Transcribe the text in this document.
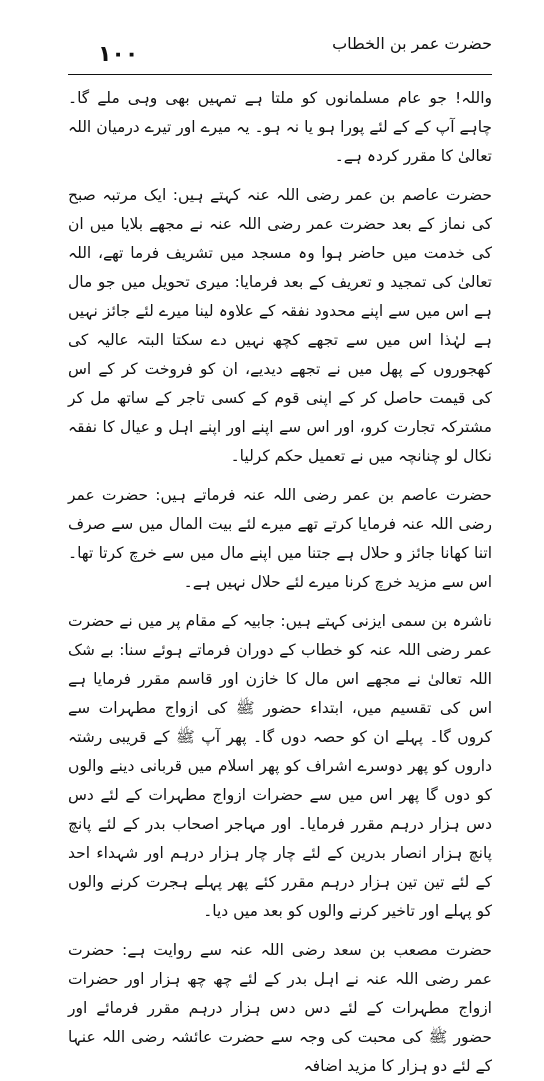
۱۰۰	حضرت عمر بن الخطاب

واللہ! جو عام مسلمانوں کو ملتا ہے تمہیں بھی وہی ملے گا۔ چاہے آپ کے کے لئے پورا ہو یا نہ ہو۔ یہ میرے اور تیرے درمیان اللہ تعالیٰ کا مقرر کردہ ہے۔

حضرت عاصم بن عمر رضی اللہ عنہ کہتے ہیں: ایک مرتبہ صبح کی نماز کے بعد حضرت عمر رضی اللہ عنہ نے مجھے بلایا میں ان کی خدمت میں حاضر ہوا وہ مسجد میں تشریف فرما تھے، اللہ تعالیٰ کی تمجید و تعریف کے بعد فرمایا: میری تحویل میں جو مال ہے اس میں سے اپنے محدود نفقہ کے علاوہ لینا میرے لئے جائز نہیں ہے لہٰذا اس میں سے تجھے کچھ نہیں دے سکتا البتہ عالیہ کی کھجوروں کے پھل میں نے تجھے دیدیے، ان کو فروخت کر کے اس کی قیمت حاصل کر کے اپنی قوم کے کسی تاجر کے ساتھ مل کر مشترکہ تجارت کرو، اور اس سے اپنے اور اپنے اہل و عیال کا نفقہ نکال لو چنانچہ میں نے تعمیل حکم کرلیا۔

حضرت عاصم بن عمر رضی اللہ عنہ فرماتے ہیں: حضرت عمر رضی اللہ عنہ فرمایا کرتے تھے میرے لئے بیت المال میں سے صرف اتنا کھانا جائز و حلال ہے جتنا میں اپنے مال میں سے خرچ کرتا تھا۔ اس سے مزید خرچ کرنا میرے لئے حلال نہیں ہے۔

ناشرہ بن سمی ایزنی کہتے ہیں: جابیہ کے مقام پر میں نے حضرت عمر رضی اللہ عنہ کو خطاب کے دوران فرماتے ہوئے سنا: بے شک اللہ تعالیٰ نے مجھے اس مال کا خازن اور قاسم مقرر فرمایا ہے اس کی تقسیم میں، ابتداء حضور ﷺ کی ازواج مطہرات سے کروں گا۔ پہلے ان کو حصہ دوں گا۔ پھر آپ ﷺ کے قریبی رشتہ داروں کو پھر دوسرے اشراف کو پھر اسلام میں قربانی دینے والوں کو دوں گا پھر اس میں سے حضرات ازواج مطہرات کے لئے دس دس ہزار درہم مقرر فرمایا۔ اور مہاجر اصحاب بدر کے لئے پانچ پانچ ہزار انصار بدرین کے لئے چار چار ہزار درہم اور شہداء احد کے لئے تین تین ہزار درہم مقرر کئے پھر پہلے ہجرت کرنے والوں کو پہلے اور تاخیر کرنے والوں کو بعد میں دیا۔

حضرت مصعب بن سعد رضی اللہ عنہ سے روایت ہے: حضرت عمر رضی اللہ عنہ نے اہل بدر کے لئے چھ چھ ہزار اور حضرات ازواج مطہرات کے لئے دس دس ہزار درہم مقرر فرمائے اور حضور ﷺ کی محبت کی وجہ سے حضرت عائشہ رضی اللہ عنہا کے لئے دو ہزار کا مزید اضافہ
